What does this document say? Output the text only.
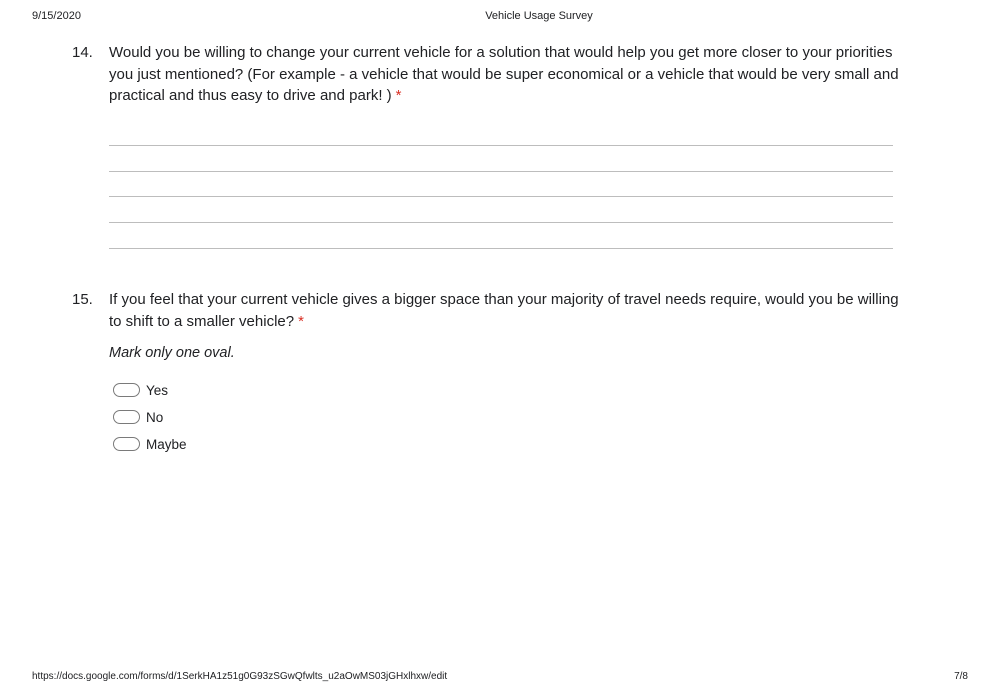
9/15/2020	Vehicle Usage Survey
14. Would you be willing to change your current vehicle for a solution that would help you get more closer to your priorities you just mentioned? (For example - a vehicle that would be super economical or a vehicle that would be very small and practical and thus easy to drive and park! ) *

15. If you feel that your current vehicle gives a bigger space than your majority of travel needs require, would you be willing to shift to a smaller vehicle? *

Mark only one oval.
Yes
No
Maybe
https://docs.google.com/forms/d/1SerkHA1z51g0G93zSGwQfwlts_u2aOwMS03jGHxlhxw/edit	7/8
